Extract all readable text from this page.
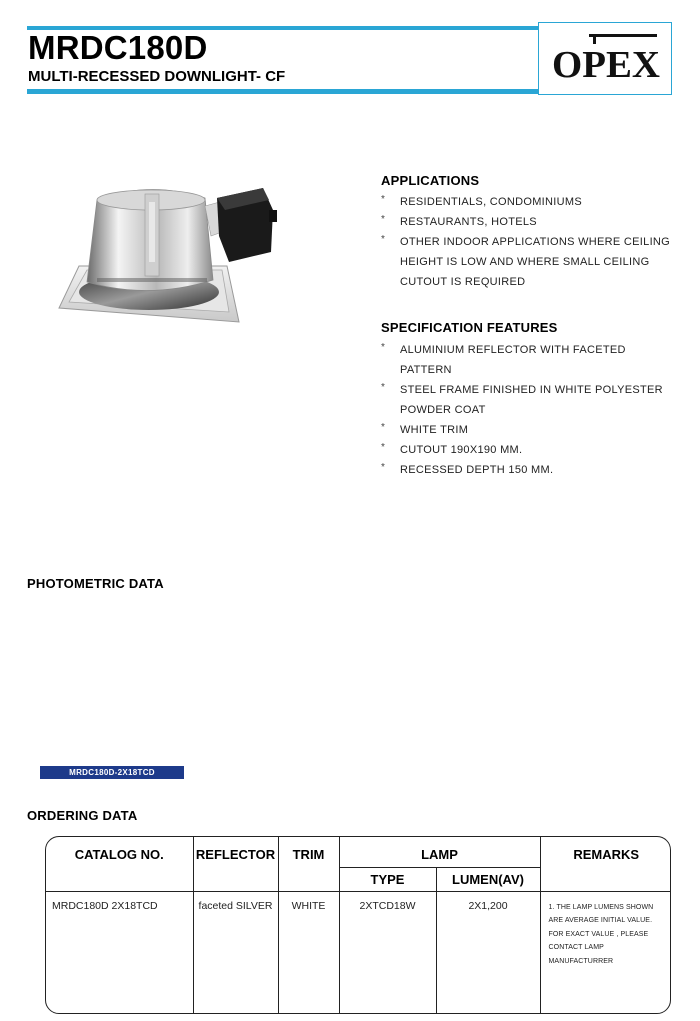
MRDC180D
MULTI-RECESSED DOWNLIGHT- CF	OPEX
APPLICATIONS
* RESIDENTIALS, CONDOMINIUMS
* RESTAURANTS, HOTELS
* OTHER INDOOR APPLICATIONS WHERE CEILING
HEIGHT IS LOW AND WHERE SMALL CEILING
CUTOUT IS REQUIRED
SPECIFICATION FEATURES
* ALUMINIUM REFLECTOR WITH FACETED
PATTERN
* STEEL FRAME FINISHED IN WHITE POLYESTER
POWDER COAT
* WHITE TRIM
* CUTOUT 190X190 MM.
* RECESSED DEPTH 150 MM.
PHOTOMETRIC DATA
MRDC180D-2X18TCD
ORDERING DATA
CATALOG NO.	REFLECTOR	TRIM	LAMP		REMARKS
			TYPE	LUMEN(AV)	
MRDC180D 2X18TCD	faceted SILVER	WHITE	2XTCD18W	2X1,200	1. THE LAMP LUMENS SHOWN
ARE AVERAGE INITIAL VALUE.
FOR EXACT VALUE , PLEASE
CONTACT LAMP
MANUFACTURRER
